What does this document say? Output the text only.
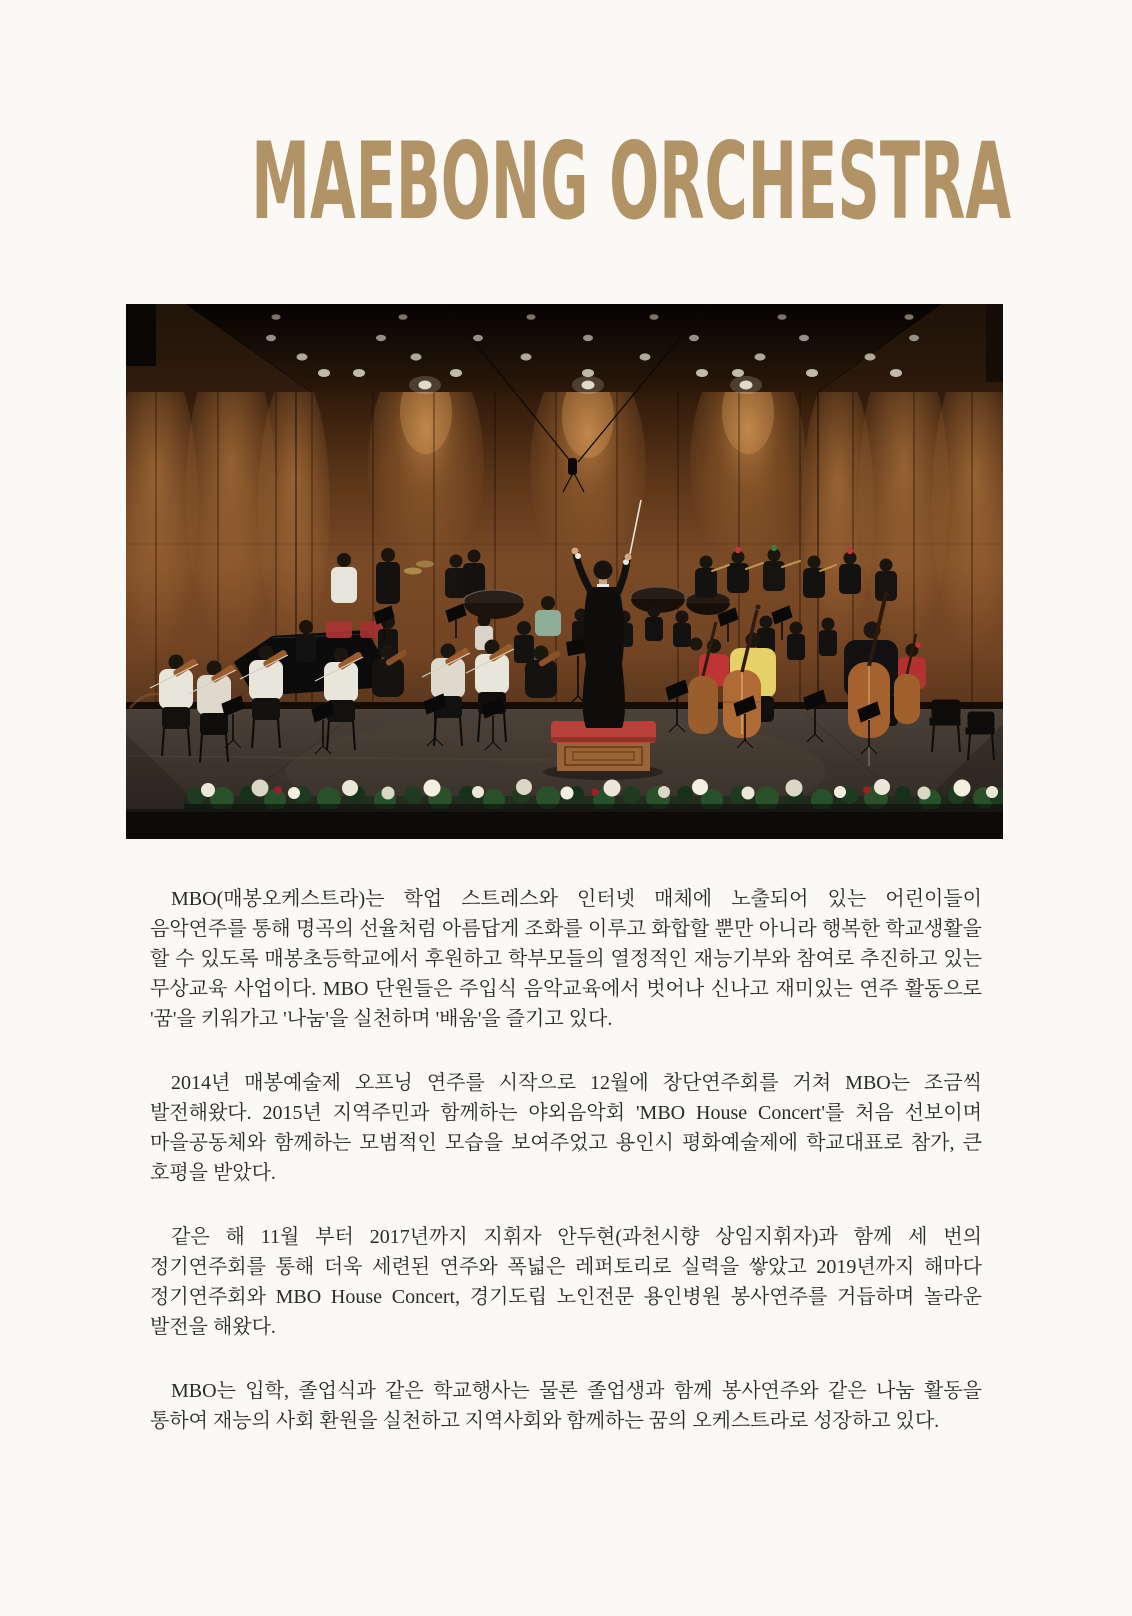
MAEBONG ORCHESTRA

MBO(매봉오케스트라)는 학업 스트레스와 인터넷 매체에 노출되어 있는 어린이들이 음악연주를 통해 명곡의 선율처럼 아름답게 조화를 이루고 화합할 뿐만 아니라 행복한 학교생활을 할 수 있도록 매봉초등학교에서 후원하고 학부모들의 열정적인 재능기부와 참여로 추진하고 있는 무상교육 사업이다. MBO 단원들은 주입식 음악교육에서 벗어나 신나고 재미있는 연주 활동으로 '꿈'을 키워가고 '나눔'을 실천하며 '배움'을 즐기고 있다.

2014년 매봉예술제 오프닝 연주를 시작으로 12월에 창단연주회를 거쳐 MBO는 조금씩 발전해왔다. 2015년 지역주민과 함께하는 야외음악회 'MBO House Concert'를 처음 선보이며 마을공동체와 함께하는 모범적인 모습을 보여주었고 용인시 평화예술제에 학교대표로 참가, 큰 호평을 받았다.

같은 해 11월 부터 2017년까지 지휘자 안두현(과천시향 상임지휘자)과 함께 세 번의 정기연주회를 통해 더욱 세련된 연주와 폭넓은 레퍼토리로 실력을 쌓았고 2019년까지 해마다 정기연주회와 MBO House Concert, 경기도립 노인전문 용인병원 봉사연주를 거듭하며 놀라운 발전을 해왔다.

MBO는 입학, 졸업식과 같은 학교행사는 물론 졸업생과 함께 봉사연주와 같은 나눔 활동을 통하여 재능의 사회 환원을 실천하고 지역사회와 함께하는 꿈의 오케스트라로 성장하고 있다.
